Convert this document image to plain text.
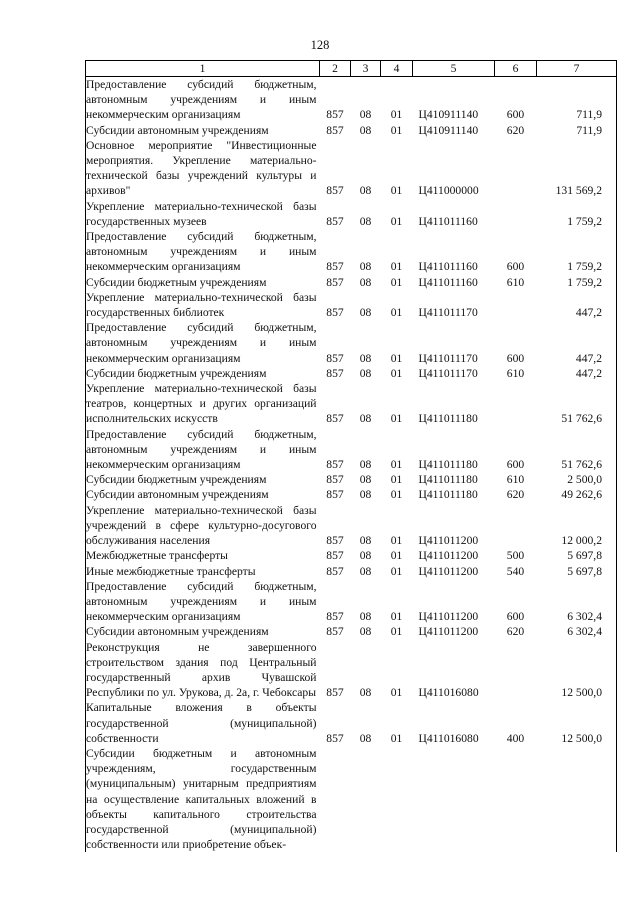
128
1	2	3	4	5	6	7
Предоставление субсидий бюджетным, автономным учреждениям и иным некоммерческим организациям	857	08	01	Ц410911140	600	711,9
Субсидии автономным учреждениям	857	08	01	Ц410911140	620	711,9
Основное мероприятие "Инвестиционные мероприятия. Укрепление материально-технической базы учреждений культуры и архивов"	857	08	01	Ц411000000		131 569,2
Укрепление материально-технической базы государственных музеев	857	08	01	Ц411011160		1 759,2
Предоставление субсидий бюджетным, автономным учреждениям и иным некоммерческим организациям	857	08	01	Ц411011160	600	1 759,2
Субсидии бюджетным учреждениям	857	08	01	Ц411011160	610	1 759,2
Укрепление материально-технической базы государственных библиотек	857	08	01	Ц411011170		447,2
Предоставление субсидий бюджетным, автономным учреждениям и иным некоммерческим организациям	857	08	01	Ц411011170	600	447,2
Субсидии бюджетным учреждениям	857	08	01	Ц411011170	610	447,2
Укрепление материально-технической базы театров, концертных и других организаций исполнительских искусств	857	08	01	Ц411011180		51 762,6
Предоставление субсидий бюджетным, автономным учреждениям и иным некоммерческим организациям	857	08	01	Ц411011180	600	51 762,6
Субсидии бюджетным учреждениям	857	08	01	Ц411011180	610	2 500,0
Субсидии автономным учреждениям	857	08	01	Ц411011180	620	49 262,6
Укрепление материально-технической базы учреждений в сфере культурно-досугового обслуживания населения	857	08	01	Ц411011200		12 000,2
Межбюджетные трансферты	857	08	01	Ц411011200	500	5 697,8
Иные межбюджетные трансферты	857	08	01	Ц411011200	540	5 697,8
Предоставление субсидий бюджетным, автономным учреждениям и иным некоммерческим организациям	857	08	01	Ц411011200	600	6 302,4
Субсидии автономным учреждениям	857	08	01	Ц411011200	620	6 302,4
Реконструкция не завершенного строительством здания под Центральный государственный архив Чувашской Республики по ул. Урукова, д. 2а, г. Чебоксары	857	08	01	Ц411016080		12 500,0
Капитальные вложения в объекты государственной (муниципальной) собственности	857	08	01	Ц411016080	400	12 500,0
Субсидии бюджетным и автономным учреждениям, государственным (муниципальным) унитарным предприятиям на осуществление капитальных вложений в объекты капитального строительства государственной (муниципальной) собственности или приобретение объек-						
